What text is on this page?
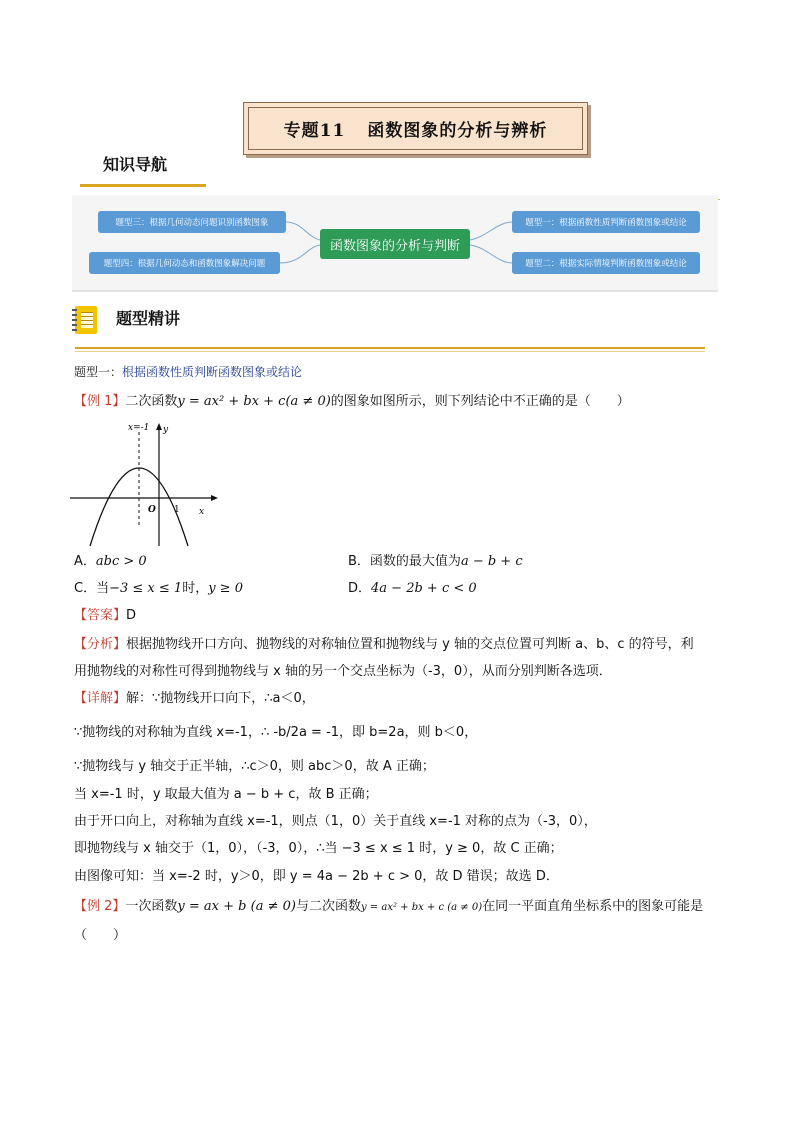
专题11 函数图象的分析与辨析
知识导航
题型三：根据几何动态问题识别函数图象
题型四：根据几何动态和函数图象解决问题
函数图象的分析与判断
题型一：根据函数性质判断函数图象或结论
题型二：根据实际情境判断函数图象或结论
题型精讲
题型一：根据函数性质判断函数图象或结论
【例 1】二次函数y = ax² + bx + c(a ≠ 0)的图象如图所示，则下列结论中不正确的是（　　）
x=-1 y
x
O 1
A．abc > 0	B．函数的最大值为a − b + c
C．当−3 ≤ x ≤ 1时，y ≥ 0	D．4a − 2b + c < 0
【答案】D
【分析】根据抛物线开口方向、抛物线的对称轴位置和抛物线与 y 轴的交点位置可判断 a、b、c 的符号，利
用抛物线的对称性可得到抛物线与 x 轴的另一个交点坐标为（-3，0），从而分别判断各选项．
【详解】解：∵抛物线开口向下，∴a＜0，
∵抛物线的对称轴为直线 x=-1，∴ -b/2a = -1，即 b=2a，则 b＜0，
∵抛物线与 y 轴交于正半轴，∴c＞0，则 abc＞0，故 A 正确；
当 x=-1 时，y 取最大值为 a − b + c，故 B 正确；
由于开口向上，对称轴为直线 x=-1，则点（1，0）关于直线 x=-1 对称的点为（-3，0），
即抛物线与 x 轴交于（1，0），（-3，0），∴当 −3 ≤ x ≤ 1 时，y ≥ 0，故 C 正确；
由图像可知：当 x=-2 时，y＞0，即 y = 4a − 2b + c > 0，故 D 错误；故选 D．
【例 2】一次函数y = ax + b (a ≠ 0)与二次函数y = ax² + bx + c (a ≠ 0)在同一平面直角坐标系中的图象可能是
（　　）
